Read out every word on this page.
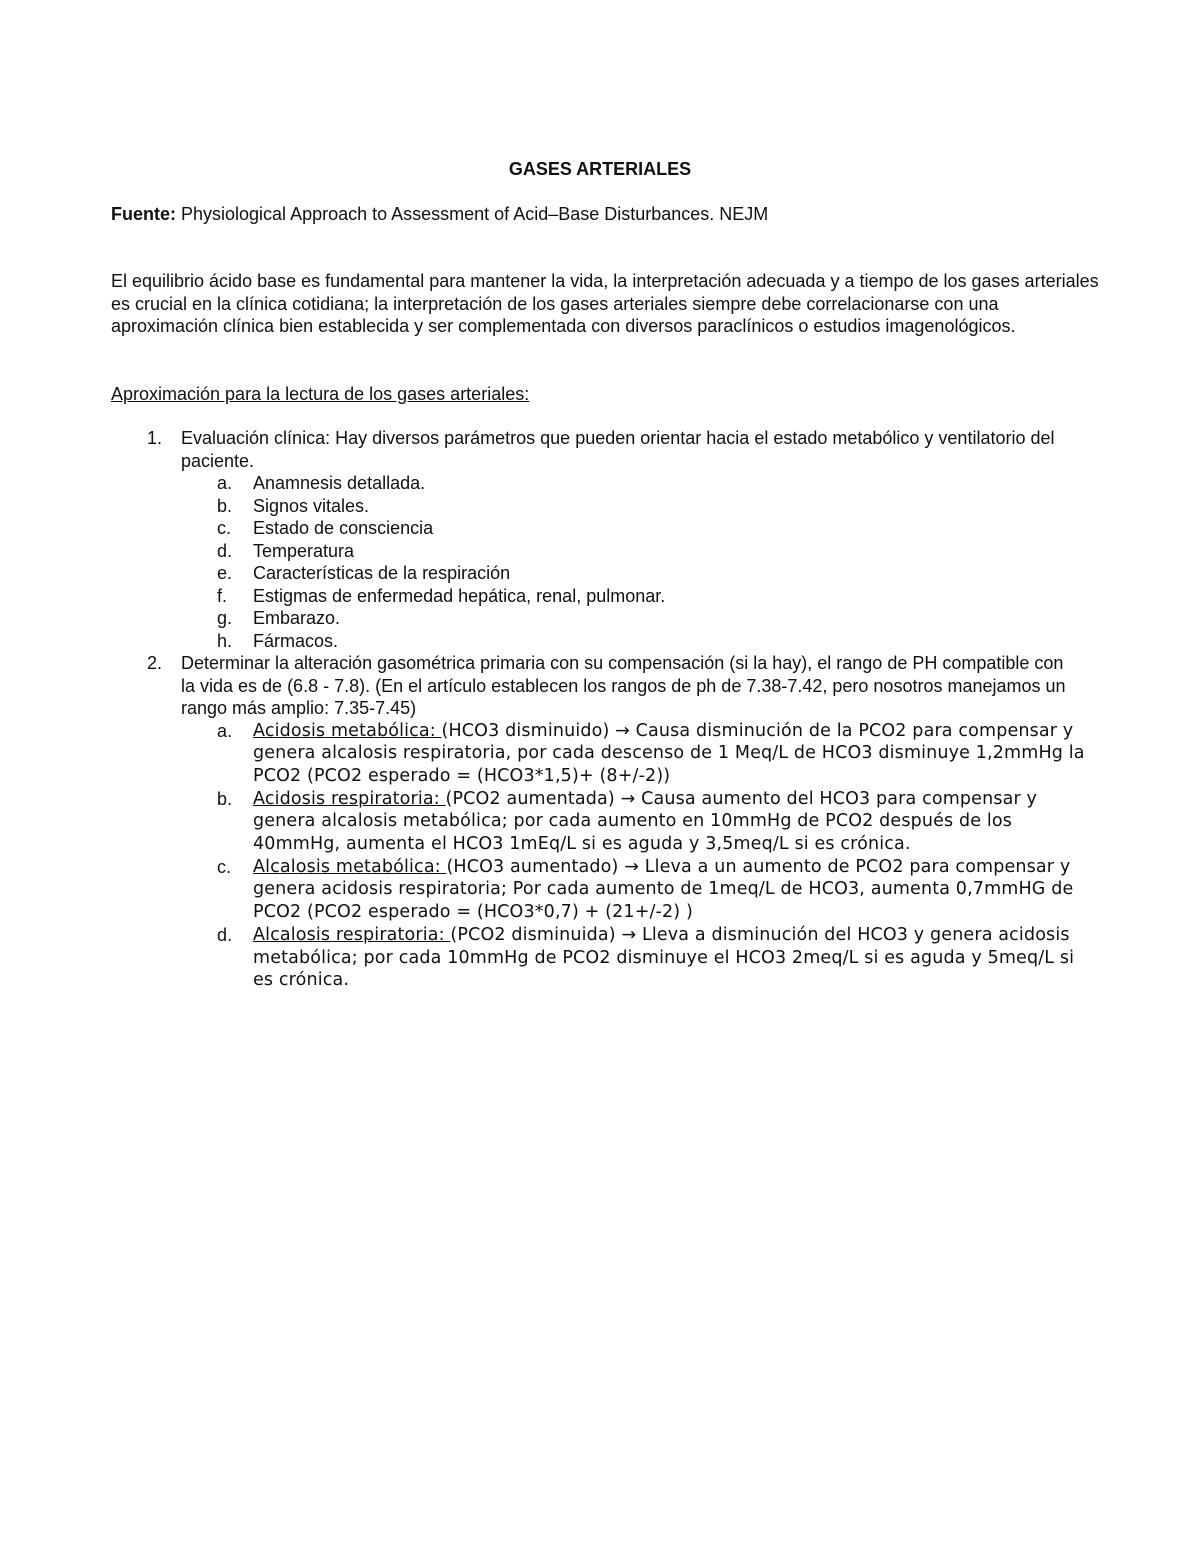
GASES ARTERIALES
Fuente: Physiological Approach to Assessment of Acid–Base Disturbances. NEJM

El equilibrio ácido base es fundamental para mantener la vida, la interpretación adecuada y a tiempo de los gases arteriales es crucial en la clínica cotidiana; la interpretación de los gases arteriales siempre debe correlacionarse con una aproximación clínica bien establecida y ser complementada con diversos paraclínicos o estudios imagenológicos.

Aproximación para la lectura de los gases arteriales:
1. Evaluación clínica: Hay diversos parámetros que pueden orientar hacia el estado metabólico y ventilatorio del paciente.
a. Anamnesis detallada.
b. Signos vitales.
c. Estado de consciencia
d. Temperatura
e. Características de la respiración
f. Estigmas de enfermedad hepática, renal, pulmonar.
g. Embarazo.
h. Fármacos.
2. Determinar la alteración gasométrica primaria con su compensación (si la hay), el rango de PH compatible con la vida es de (6.8 - 7.8). (En el artículo establecen los rangos de ph de 7.38-7.42, pero nosotros manejamos un rango más amplio: 7.35-7.45)
a. Acidosis metabólica: (HCO3 disminuido) → Causa disminución de la PCO2 para compensar y genera alcalosis respiratoria, por cada descenso de 1 Meq/L de HCO3 disminuye 1,2mmHg la PCO2 (PCO2 esperado = (HCO3*1,5)+ (8+/-2))
b. Acidosis respiratoria: (PCO2 aumentada) → Causa aumento del HCO3 para compensar y genera alcalosis metabólica; por cada aumento en 10mmHg de PCO2 después de los 40mmHg, aumenta el HCO3 1mEq/L si es aguda y 3,5meq/L si es crónica.
c. Alcalosis metabólica: (HCO3 aumentado) → Lleva a un aumento de PCO2 para compensar y genera acidosis respiratoria; Por cada aumento de 1meq/L de HCO3, aumenta 0,7mmHG de PCO2 (PCO2 esperado = (HCO3*0,7) + (21+/-2) )
d. Alcalosis respiratoria: (PCO2 disminuida) → Lleva a disminución del HCO3 y genera acidosis metabólica; por cada 10mmHg de PCO2 disminuye el HCO3 2meq/L si es aguda y 5meq/L si es crónica.
